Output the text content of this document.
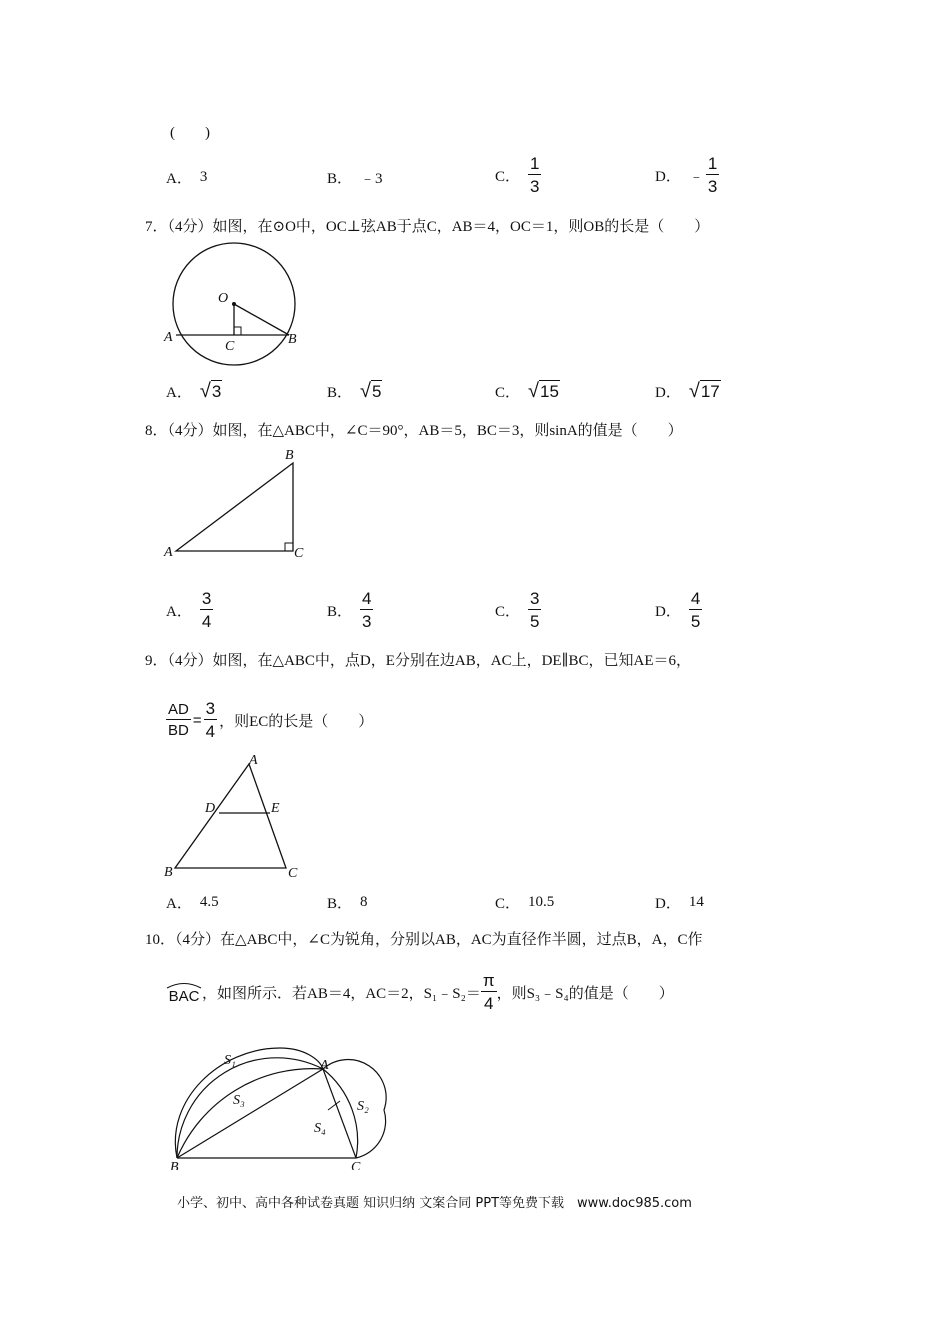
(　　)
A． 3	B． ﹣3	C． $\frac{1}{3}$	D． ﹣ $\frac{1}{3}$
7．（4分）如图，在⊙O中，OC⊥弦AB于点C，AB＝4，OC＝1，则OB的长是（　　）
O
A
C	B
A． √ 3	B． √ 5	C． √ 15	D． √ 17
8．（4分）如图，在△ABC中，∠C＝90°，AB＝5，BC＝3，则sinA的值是（　　）
B
A	C
A． $\frac{3}{4}$	B． $\frac{4}{3}$	C． $\frac{3}{5}$	D． $\frac{4}{5}$
9．（4分）如图，在△ABC中，点D，E分别在边AB，AC上，DE∥BC，已知AE＝6，
$\frac{AD}{BD} = \frac{3}{4}$ ，则EC的长是（　　）
A
D	E
B	C
A． 4.5	B． 8	C． 10.5	D． 14
10．（4分）在△ABC中，∠C为锐角，分别以AB，AC为直径作半圆，过点B，A，C作
BAC ，如图所示．若AB＝4，AC＝2，S₁﹣S₂＝ $\frac{\pi}{4}$ ，则S₃﹣S₄的值是（　　）
S₁
S₃
A
S₂
S₄
B	C
小学、初中、高中各种试卷真题 知识归纳 文案合同 PPT等免费下载　www.doc985.com
